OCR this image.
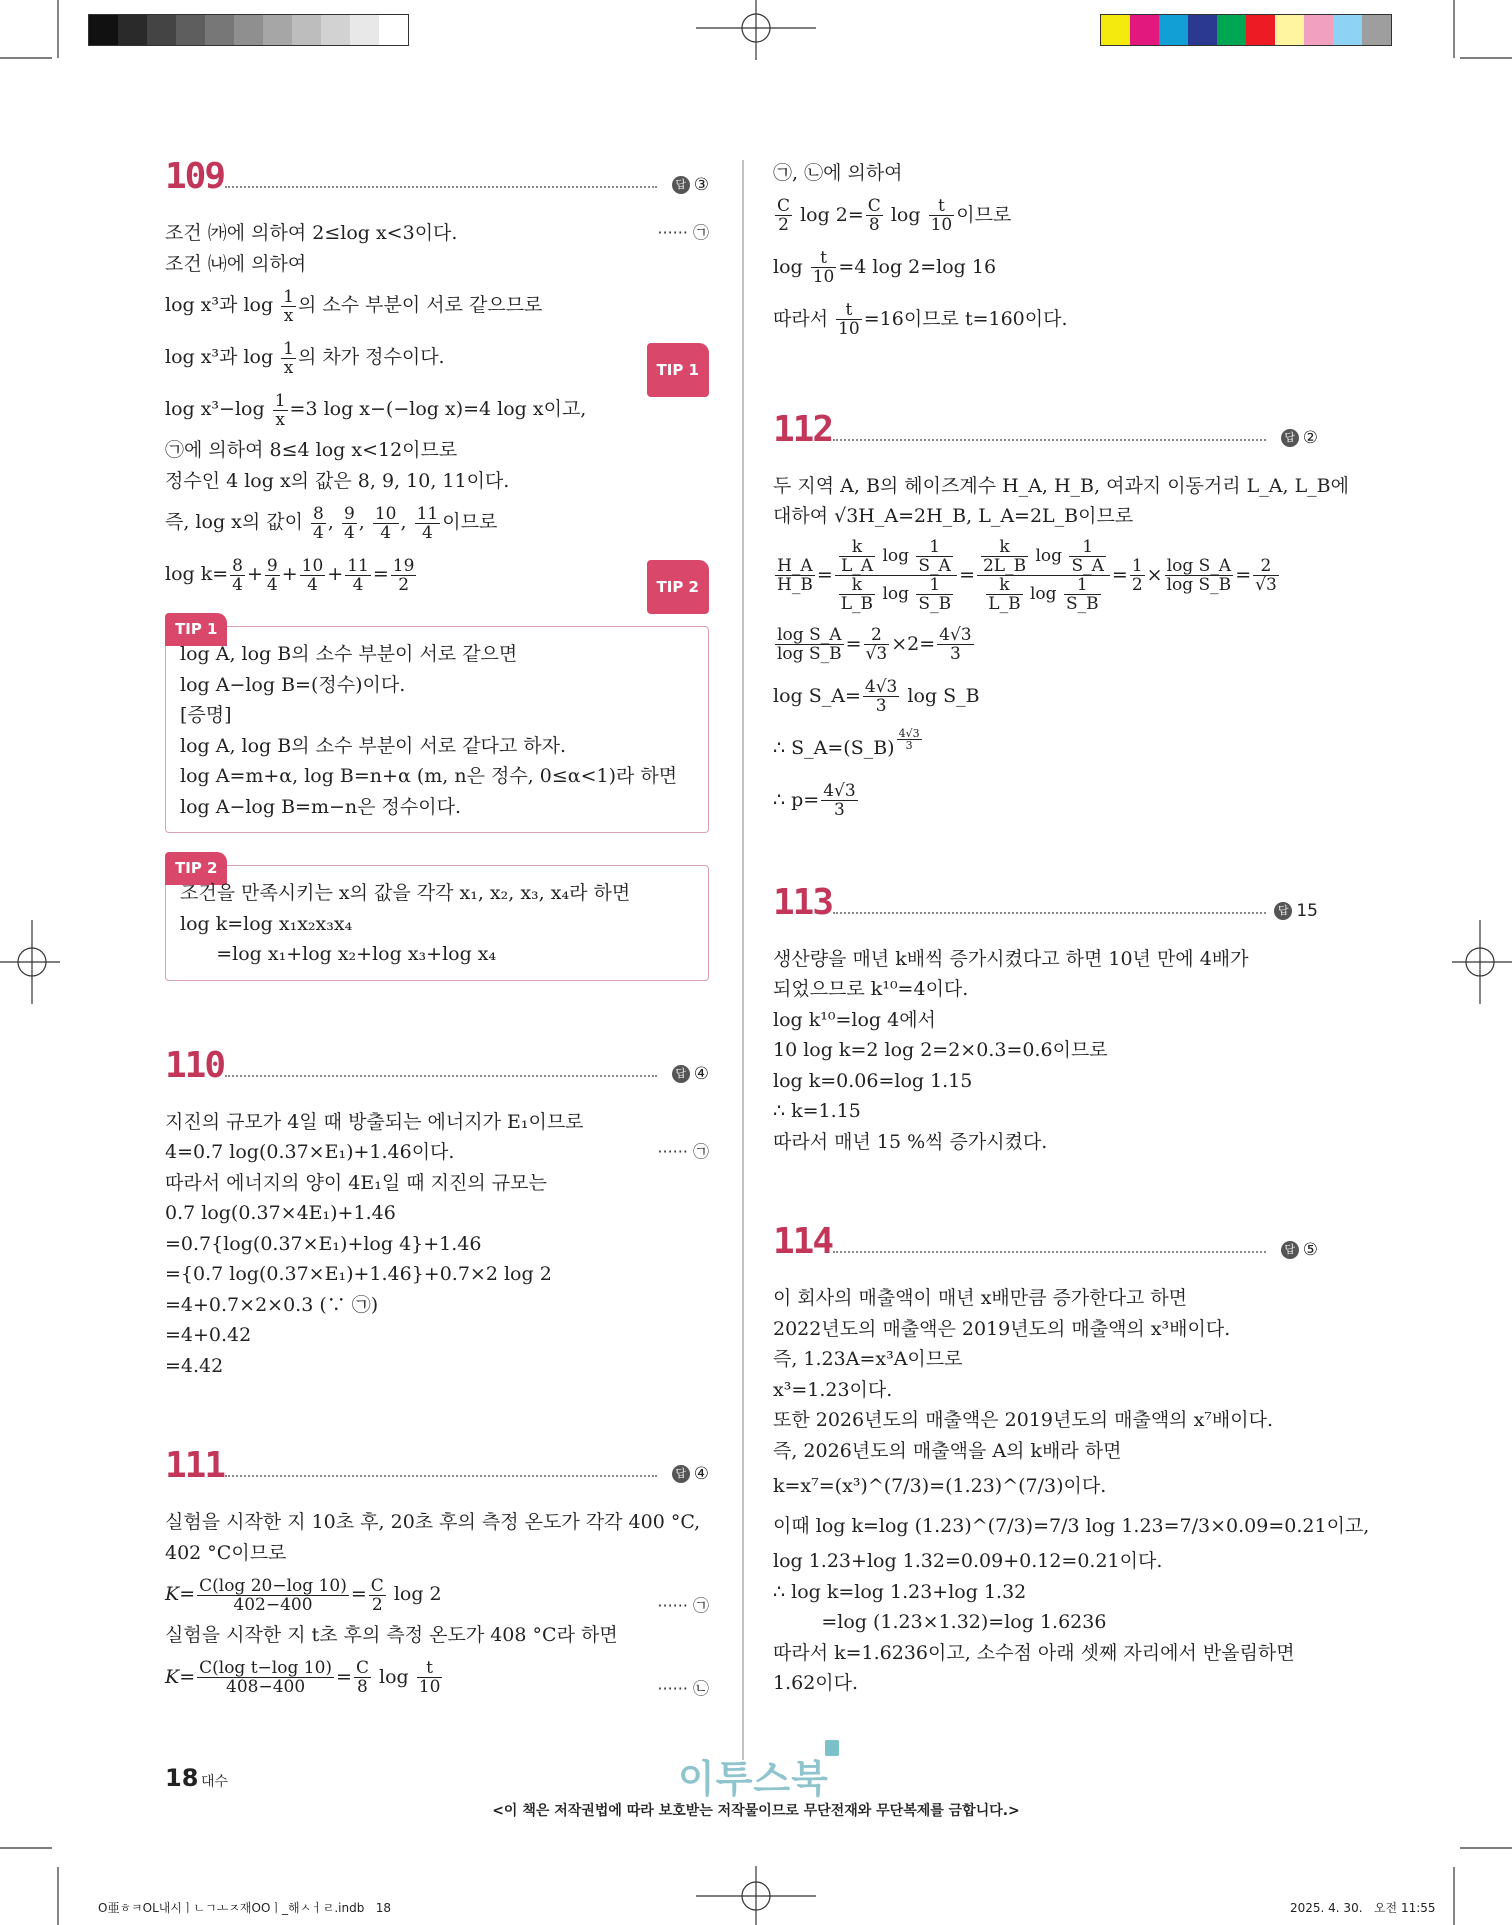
109	답 ③
조건 ㈎에 의하여 2≤log x<3이다.	······ ㉠
조건 ㈏에 의하여
log x³과 $\log \frac{1}{x}$ 의 소수 부분이 서로 같으므로
log x³과 $\log \frac{1}{x}$ 의 차가 정수이다.
TIP 1
$\log x^3-\log \frac{1}{x} =3$ log x−(−log x)=4 log x이고,
㉠에 의하여 8≤4 log x<12이므로
정수인 4 log x의 값은 8, 9, 10, 11이다.
즉, log x의 값이 $\frac{8}{4}$ , $\frac{9}{4}$ , $\frac{10}{4}$ , $\frac{11}{4}$ 이므로
$\log k= \frac{8}{4} + \frac{9}{4} + \frac{10}{4} + \frac{11}{4} = \frac{19}{2}$	TIP 2
TIP 1
log A, log B의 소수 부분이 서로 같으면
log A−log B=(정수)이다.
[증명]
log A, log B의 소수 부분이 서로 같다고 하자.
log A=m+α, log B=n+α (m, n은 정수, 0≤α<1)라 하면
log A−log B=m−n은 정수이다.
TIP 2
조건을 만족시키는 x의 값을 각각 x₁, x₂, x₃, x₄라 하면
log k=log x₁x₂x₃x₄
=log x₁+log x₂+log x₃+log x₄
110	답 ④
지진의 규모가 4일 때 방출되는 에너지가 E₁이므로
4=0.7 log(0.37×E₁)+1.46이다.	······ ㉠
따라서 에너지의 양이 4E₁일 때 지진의 규모는
0.7 log(0.37×4E₁)+1.46
=0.7{log(0.37×E₁)+log 4}+1.46
={0.7 log(0.37×E₁)+1.46}+0.7×2 log 2
=4+0.7×2×0.3 (∵ ㉠)
=4+0.42
=4.42
111	답 ④
실험을 시작한 지 10초 후, 20초 후의 측정 온도가 각각 400 °C,
402 °C이므로
$K= \frac{C(\log 20-\log 10)}{402-400} = \frac{C}{2}$ log 2
······ ㉠
실험을 시작한 지 t초 후의 측정 온도가 408 °C라 하면
$K= \frac{\text{C(log t−log 10)}}{408-400} = \frac{C}{8}$ $\log \frac{t}{10}$	······ ㉡
㉠, ㉡에 의하여
$\frac{C}{2}$ $\log 2= \frac{C}{8}$ $\log \frac{t}{10}$ 이므로
$\log \frac{t}{10} =4$ log 2=log 16
따라서 $\frac{t}{10} =16$이므로 t=160이다.
112	답 ②
두 지역 A, B의 헤이즈계수 H_A, H_B, 여과지 이동거리 L_A, L_B에
대하여 √3H_A=2H_B, L_A=2L_B이므로
$\frac{H\_A}{H\_B} = \frac{\frac{k}{L\_A} \log \frac{1}{S\_A}}{\frac{k}{L\_B} \log \frac{1}{S\_B}} = \frac{\frac{k}{2L\_B} \log \frac{1}{S\_A}}{\frac{k}{L\_B} \log \frac{1}{S\_B}} = \frac{1}{2} \times \frac{\text{log S\_A}}{\text{log S\_B}} = \frac{2}{√3}$
$\frac{\text{log S\_A}}{\text{log S\_B}} = \frac{2}{√3} \times 2= \frac{4√3}{3}$
log S_A= $\frac{4√3}{3}$ log S_B
∴ S_A=(S_B) $\frac{4√3}{3}$
∴ $p= \frac{4√3}{3}$
113	답 15
생산량을 매년 k배씩 증가시켰다고 하면 10년 만에 4배가
되었으므로 k¹⁰=4이다.
log k¹⁰=log 4에서
10 log k=2 log 2=2×0.3=0.6이므로
log k=0.06=log 1.15
∴ k=1.15
따라서 매년 15 %씩 증가시켰다.
114	답 ⑤
이 회사의 매출액이 매년 x배만큼 증가한다고 하면
2022년도의 매출액은 2019년도의 매출액의 x³배이다.
즉, 1.23A=x³A이므로
x³=1.23이다.
또한 2026년도의 매출액은 2019년도의 매출액의 x⁷배이다.
즉, 2026년도의 매출액을 A의 k배라 하면
k=x⁷=(x³)^(7/3)=(1.23)^(7/3)이다.
이때 log k=log (1.23)^(7/3)=7/3 log 1.23=7/3×0.09=0.21이고,
log 1.23+log 1.32=0.09+0.12=0.21이다.
∴ log k=log 1.23+log 1.32
=log (1.23×1.32)=log 1.6236
따라서 k=1.6236이고, 소수점 아래 셋째 자리에서 반올림하면
1.62이다.
18 대수	이투스북
<이 책은 저작권법에 따라 보호받는 저작물이므로 무단전재와 무단복제를 금합니다.>
O亜ㅎㅋOL내시ㅣㄴㄱㅗㅈ재OOㅣ_해ㅅㅓㄹ.indb   18	2025. 4. 30.   오전 11:55
